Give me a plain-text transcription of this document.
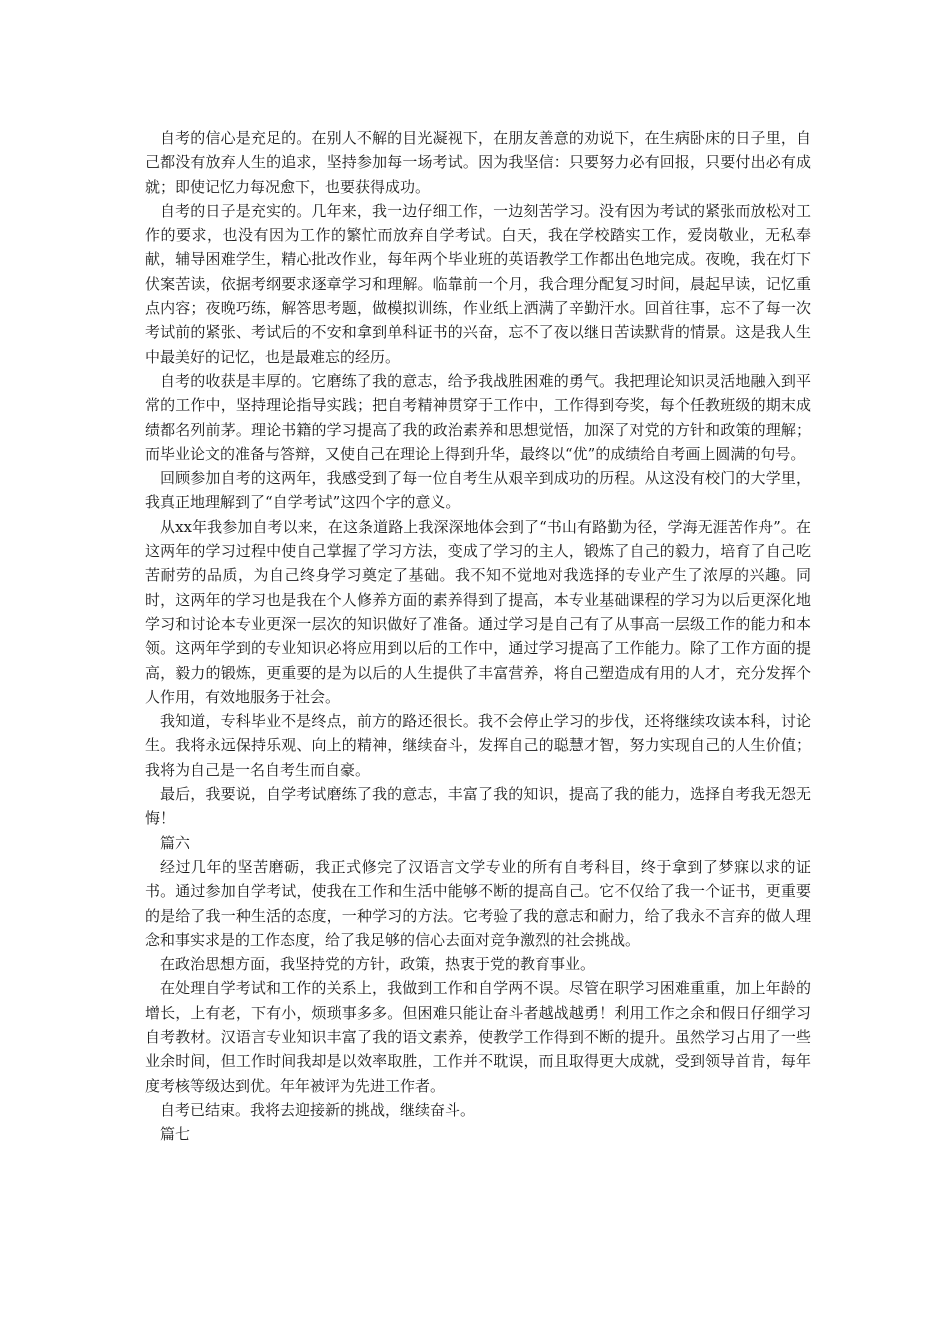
自考的信心是充足的。在别人不解的目光凝视下，在朋友善意的劝说下，在生病卧床的日子里，自己都没有放弃人生的追求，坚持参加每一场考试。因为我坚信：只要努力必有回报，只要付出必有成就；即使记忆力每况愈下，也要获得成功。

自考的日子是充实的。几年来，我一边仔细工作，一边刻苦学习。没有因为考试的紧张而放松对工作的要求，也没有因为工作的繁忙而放弃自学考试。白天，我在学校踏实工作，爱岗敬业，无私奉献，辅导困难学生，精心批改作业，每年两个毕业班的英语教学工作都出色地完成。夜晚，我在灯下伏案苦读，依据考纲要求逐章学习和理解。临靠前一个月，我合理分配复习时间，晨起早读，记忆重点内容；夜晚巧练，解答思考题，做模拟训练，作业纸上洒满了辛勤汗水。回首往事，忘不了每一次考试前的紧张、考试后的不安和拿到单科证书的兴奋，忘不了夜以继日苦读默背的情景。这是我人生中最美好的记忆，也是最难忘的经历。

自考的收获是丰厚的。它磨练了我的意志，给予我战胜困难的勇气。我把理论知识灵活地融入到平常的工作中，坚持理论指导实践；把自考精神贯穿于工作中，工作得到夸奖，每个任教班级的期末成绩都名列前茅。理论书籍的学习提高了我的政治素养和思想觉悟，加深了对党的方针和政策的理解；而毕业论文的准备与答辩，又使自己在理论上得到升华，最终以“优”的成绩给自考画上圆满的句号。

回顾参加自考的这两年，我感受到了每一位自考生从艰辛到成功的历程。从这没有校门的大学里，我真正地理解到了“自学考试”这四个字的意义。

从xx年我参加自考以来，在这条道路上我深深地体会到了“书山有路勤为径，学海无涯苦作舟”。在这两年的学习过程中使自己掌握了学习方法，变成了学习的主人，锻炼了自己的毅力，培育了自己吃苦耐劳的品质，为自己终身学习奠定了基础。我不知不觉地对我选择的专业产生了浓厚的兴趣。同时，这两年的学习也是我在个人修养方面的素养得到了提高，本专业基础课程的学习为以后更深化地学习和讨论本专业更深一层次的知识做好了准备。通过学习是自己有了从事高一层级工作的能力和本领。这两年学到的专业知识必将应用到以后的工作中，通过学习提高了工作能力。除了工作方面的提高，毅力的锻炼，更重要的是为以后的人生提供了丰富营养，将自己塑造成有用的人才，充分发挥个人作用，有效地服务于社会。

我知道，专科毕业不是终点，前方的路还很长。我不会停止学习的步伐，还将继续攻读本科，讨论生。我将永远保持乐观、向上的精神，继续奋斗，发挥自己的聪慧才智，努力实现自己的人生价值；我将为自己是一名自考生而自豪。

最后，我要说，自学考试磨练了我的意志，丰富了我的知识，提高了我的能力，选择自考我无怨无悔！

篇六

经过几年的坚苦磨砺，我正式修完了汉语言文学专业的所有自考科目，终于拿到了梦寐以求的证书。通过参加自学考试，使我在工作和生活中能够不断的提高自己。它不仅给了我一个证书，更重要的是给了我一种生活的态度，一种学习的方法。它考验了我的意志和耐力，给了我永不言弃的做人理念和事实求是的工作态度，给了我足够的信心去面对竞争激烈的社会挑战。

在政治思想方面，我坚持党的方针，政策，热衷于党的教育事业。

在处理自学考试和工作的关系上，我做到工作和自学两不误。尽管在职学习困难重重，加上年龄的增长，上有老，下有小，烦琐事多多。但困难只能让奋斗者越战越勇！利用工作之余和假日仔细学习自考教材。汉语言专业知识丰富了我的语文素养，使教学工作得到不断的提升。虽然学习占用了一些业余时间，但工作时间我却是以效率取胜，工作并不耽误，而且取得更大成就，受到领导首肯，每年度考核等级达到优。年年被评为先进工作者。

自考已结束。我将去迎接新的挑战，继续奋斗。

篇七
